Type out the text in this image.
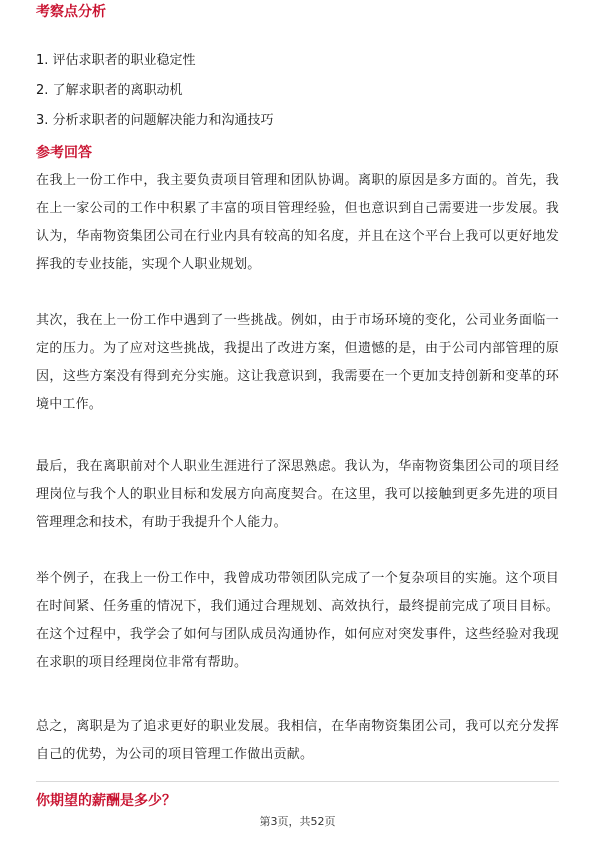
考察点分析
1. 评估求职者的职业稳定性
2. 了解求职者的离职动机
3. 分析求职者的问题解决能力和沟通技巧
参考回答

在我上一份工作中，我主要负责项目管理和团队协调。离职的原因是多方面的。首先，我在上一家公司的工作中积累了丰富的项目管理经验，但也意识到自己需要进一步发展。我认为，华南物资集团公司在行业内具有较高的知名度，并且在这个平台上我可以更好地发挥我的专业技能，实现个人职业规划。

其次，我在上一份工作中遇到了一些挑战。例如，由于市场环境的变化，公司业务面临一定的压力。为了应对这些挑战，我提出了改进方案，但遗憾的是，由于公司内部管理的原因，这些方案没有得到充分实施。这让我意识到，我需要在一个更加支持创新和变革的环境中工作。

最后，我在离职前对个人职业生涯进行了深思熟虑。我认为，华南物资集团公司的项目经理岗位与我个人的职业目标和发展方向高度契合。在这里，我可以接触到更多先进的项目管理理念和技术，有助于我提升个人能力。

举个例子，在我上一份工作中，我曾成功带领团队完成了一个复杂项目的实施。这个项目在时间紧、任务重的情况下，我们通过合理规划、高效执行，最终提前完成了项目目标。在这个过程中，我学会了如何与团队成员沟通协作，如何应对突发事件，这些经验对我现在求职的项目经理岗位非常有帮助。

总之，离职是为了追求更好的职业发展。我相信，在华南物资集团公司，我可以充分发挥自己的优势，为公司的项目管理工作做出贡献。

你期望的薪酬是多少？
第3页，共52页
